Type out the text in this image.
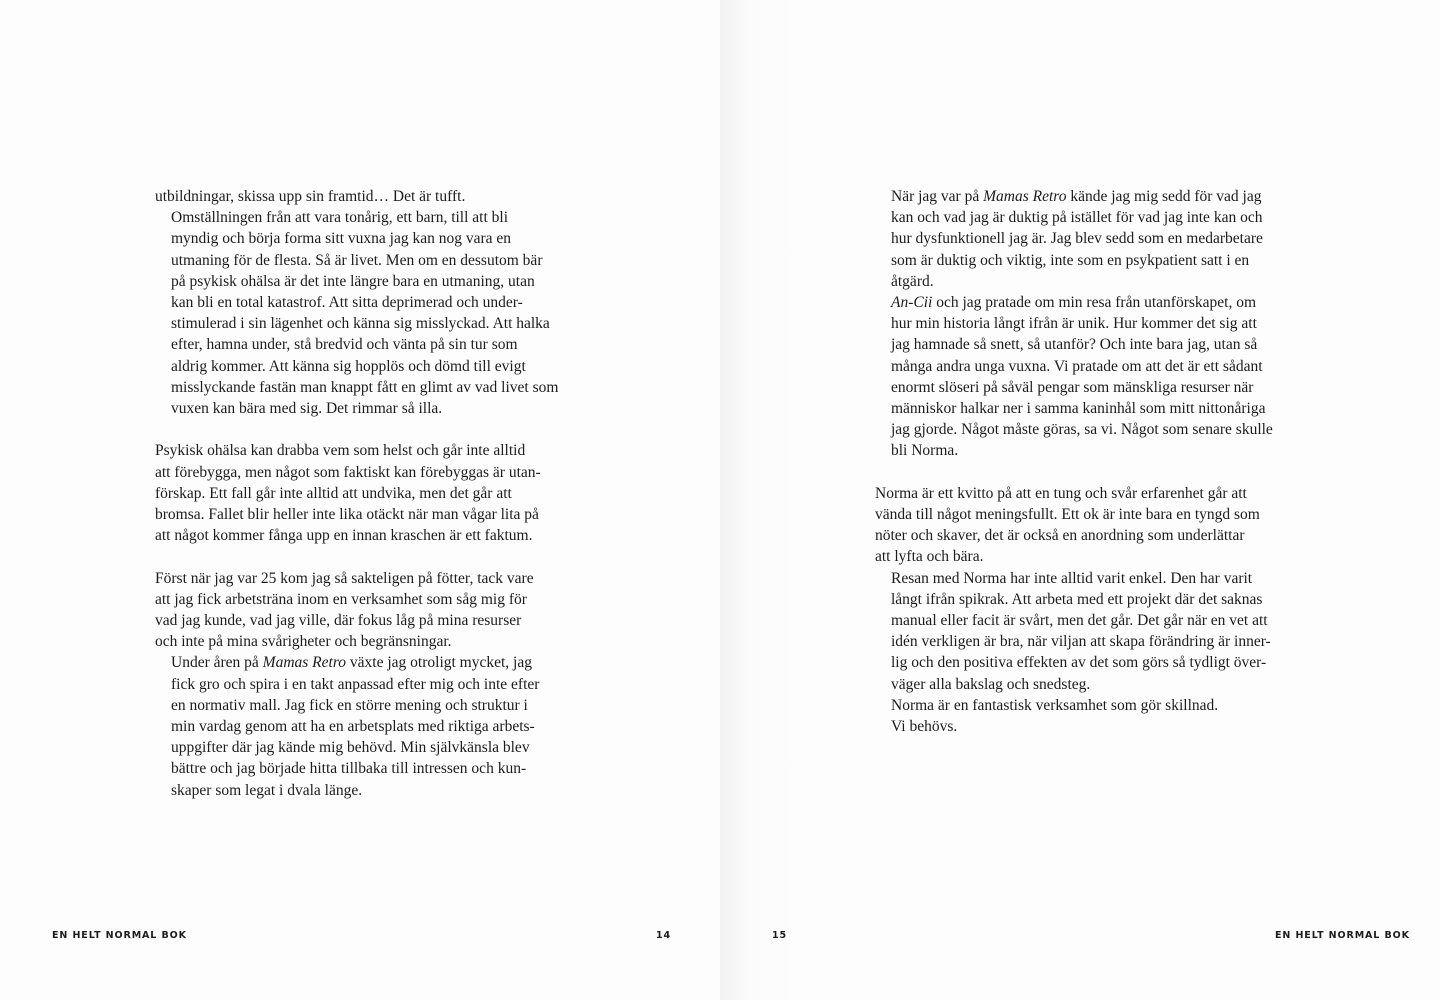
utbildningar, skissa upp sin framtid… Det är tufft.

Omställningen från att vara tonårig, ett barn, till att bli
myndig och börja forma sitt vuxna jag kan nog vara en
utmaning för de flesta. Så är livet. Men om en dessutom bär
på psykisk ohälsa är det inte längre bara en utmaning, utan
kan bli en total katastrof. Att sitta deprimerad och under-
stimulerad i sin lägenhet och känna sig misslyckad. Att halka
efter, hamna under, stå bredvid och vänta på sin tur som
aldrig kommer. Att känna sig hopplös och dömd till evigt
misslyckande fastän man knappt fått en glimt av vad livet som
vuxen kan bära med sig. Det rimmar så illa.

Psykisk ohälsa kan drabba vem som helst och går inte alltid
att förebygga, men något som faktiskt kan förebyggas är utan-
förskap. Ett fall går inte alltid att undvika, men det går att
bromsa. Fallet blir heller inte lika otäckt när man vågar lita på
att något kommer fånga upp en innan kraschen är ett faktum.

Först när jag var 25 kom jag så sakteligen på fötter, tack vare
att jag fick arbetsträna inom en verksamhet som såg mig för
vad jag kunde, vad jag ville, där fokus låg på mina resurser
och inte på mina svårigheter och begränsningar.

Under åren på Mamas Retro växte jag otroligt mycket, jag
fick gro och spira i en takt anpassad efter mig och inte efter
en normativ mall. Jag fick en större mening och struktur i
min vardag genom att ha en arbetsplats med riktiga arbets-
uppgifter där jag kände mig behövd. Min självkänsla blev
bättre och jag började hitta tillbaka till intressen och kun-
skaper som legat i dvala länge.

EN HELT NORMAL BOK	14

När jag var på Mamas Retro kände jag mig sedd för vad jag
kan och vad jag är duktig på istället för vad jag inte kan och
hur dysfunktionell jag är. Jag blev sedd som en medarbetare
som är duktig och viktig, inte som en psykpatient satt i en
åtgärd.

An-Cii och jag pratade om min resa från utanförskapet, om
hur min historia långt ifrån är unik. Hur kommer det sig att
jag hamnade så snett, så utanför? Och inte bara jag, utan så
många andra unga vuxna. Vi pratade om att det är ett sådant
enormt slöseri på såväl pengar som mänskliga resurser när
människor halkar ner i samma kaninhål som mitt nittonåriga
jag gjorde. Något måste göras, sa vi. Något som senare skulle
bli Norma.

Norma är ett kvitto på att en tung och svår erfarenhet går att
vända till något meningsfullt. Ett ok är inte bara en tyngd som
nöter och skaver, det är också en anordning som underlättar
att lyfta och bära.

Resan med Norma har inte alltid varit enkel. Den har varit
långt ifrån spikrak. Att arbeta med ett projekt där det saknas
manual eller facit är svårt, men det går. Det går när en vet att
idén verkligen är bra, när viljan att skapa förändring är inner-
lig och den positiva effekten av det som görs så tydligt över-
väger alla bakslag och snedsteg.

Norma är en fantastisk verksamhet som gör skillnad.

Vi behövs.

15	EN HELT NORMAL BOK
